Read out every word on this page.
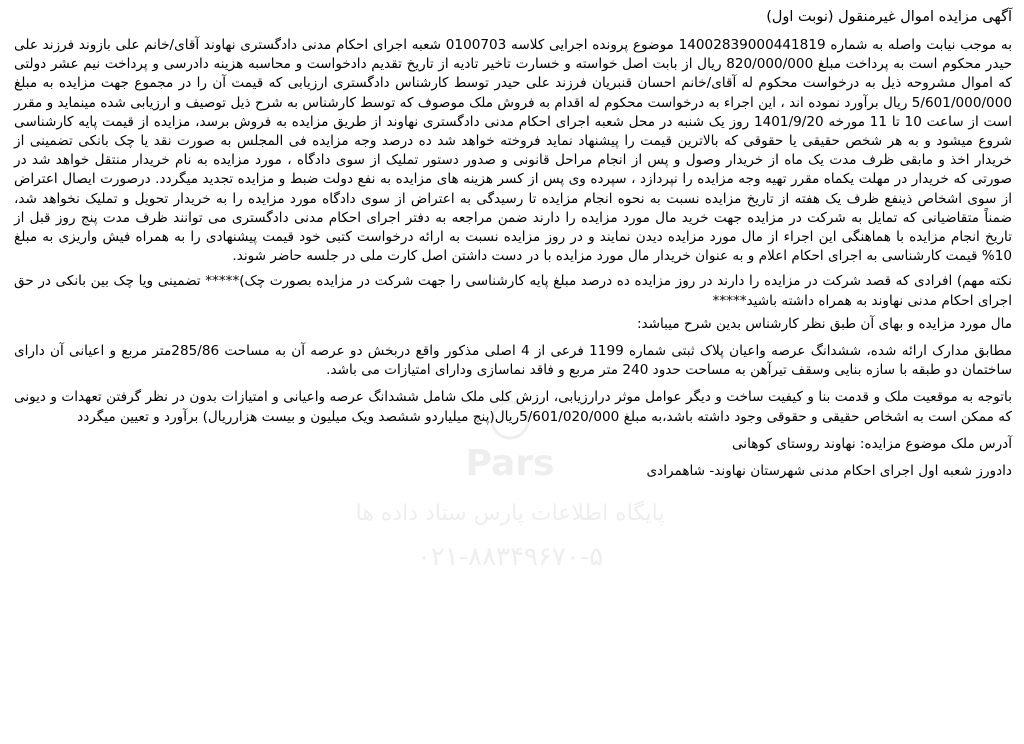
آگهی مزایده اموال غیرمنقول (نوبت اول)

به موجب نیابت واصله به شماره 14002839000441819 موضوع پرونده اجرایی کلاسه 0100703 شعبه اجرای احکام مدنی دادگستری نهاوند آقای/خانم علی بازوند فرزند علی حیدر محکوم است به پرداخت مبلغ 820/000/000 ریال از بابت اصل خواسته و خسارت تاخیر تادیه از تاریخ تقدیم دادخواست و محاسبه هزینه دادرسی و پرداخت نیم عشر دولتی که اموال مشروحه ذیل به درخواست محکوم له آقای/خانم احسان قنبریان فرزند علی حیدر توسط کارشناس دادگستری ارزیابی که قیمت آن را در مجموع جهت مزایده به مبلغ 5/601/000/000 ریال برآورد نموده اند ، این اجراء به درخواست محکوم له اقدام به فروش ملک موصوف که توسط کارشناس به شرح ذیل توصیف و ارزیابی شده مینماید و مقرر است از ساعت 10 تا 11 مورخه 1401/9/20 روز یک شنبه در محل شعبه اجرای احکام مدنی دادگستری نهاوند از طریق مزایده به فروش برسد، مزایده از قیمت پایه کارشناسی شروع میشود و به هر شخص حقیقی یا حقوقی که بالاترین قیمت را پیشنهاد نماید فروخته خواهد شد ده درصد وجه مزایده فی المجلس به صورت نقد یا چک بانکی تضمینی از خریدار اخذ و مابقی ظرف مدت یک ماه از خریدار وصول و پس از انجام مراحل قانونی و صدور دستور تملیک از سوی دادگاه ، مورد مزایده به نام خریدار منتقل خواهد شد در صورتی که خریدار در مهلت یکماه مقرر تهیه وجه مزایده را نپردازد ، سپرده وی پس از کسر هزینه های مزایده به نفع دولت ضبط و مزایده تجدید میگردد. درصورت ایصال اعتراض از سوی اشخاص ذینفع ظرف یک هفته از تاریخ مزایده نسبت به نحوه انجام مزایده تا رسیدگی به اعتراض از سوی دادگاه مورد مزایده را به خریدار تحویل و تملیک نخواهد شد، ضمناً متقاضیانی که تمایل به شرکت در مزایده جهت خرید مال مورد مزایده را دارند ضمن مراجعه به دفتر اجرای احکام مدنی دادگستری می توانند ظرف مدت پنج روز قبل از تاریخ انجام مزایده با هماهنگی این اجراء از مال مورد مزایده دیدن نمایند و در روز مزایده نسبت به ارائه درخواست کتبی خود قیمت پیشنهادی را به همراه فیش واریزی به مبلغ 10% قیمت کارشناسی به اجرای احکام اعلام و به عنوان خریدار مال مورد مزایده با در دست داشتن اصل کارت ملی در جلسه حاضر شوند.

نکته مهم) افرادی که قصد شرکت در مزایده را دارند در روز مزایده ده درصد مبلغ پایه کارشناسی را جهت شرکت در مزایده بصورت چک)***** تضمینی ویا چک بین بانکی در حق اجرای احکام مدنی نهاوند به همراه داشته باشید*****

مال مورد مزایده و بهای آن طبق نظر کارشناس بدین شرح میباشد:

مطابق مدارک ارائه شده، ششدانگ عرصه واعیان پلاک ثبتی شماره 1199 فرعی از 4 اصلی مذکور واقع دربخش دو عرصه آن به مساحت 285/86متر مربع و اعیانی آن دارای ساختمان دو طبقه با سازه بنایی وسقف تیرآهن به مساحت حدود 240 متر مربع و فاقد نماسازی ودارای امتیازات می باشد.

باتوجه به موقعیت ملک و قدمت بنا و کیفیت ساخت و دیگر عوامل موثر درارزیابی، ارزش کلی ملک شامل ششدانگ عرصه واعیانی و امتیازات بدون در نظر گرفتن تعهدات و دیونی که ممکن است به اشخاص حقیقی و حقوقی وجود داشته باشد،به مبلغ 5/601/020/000ریال(پنج میلیاردو ششصد ویک میلیون و بیست هزارریال) برآورد و تعیین میگردد

آدرس ملک موضوع مزایده: نهاوند روستای کوهانی

دادورز شعبه اول اجرای احکام مدنی شهرستان نهاوند- شاهمرادی

Pars
پایگاه اطلاعات پارس ستاد داده ها
۰۲۱-۸۸۳۴۹۶۷۰-۵
